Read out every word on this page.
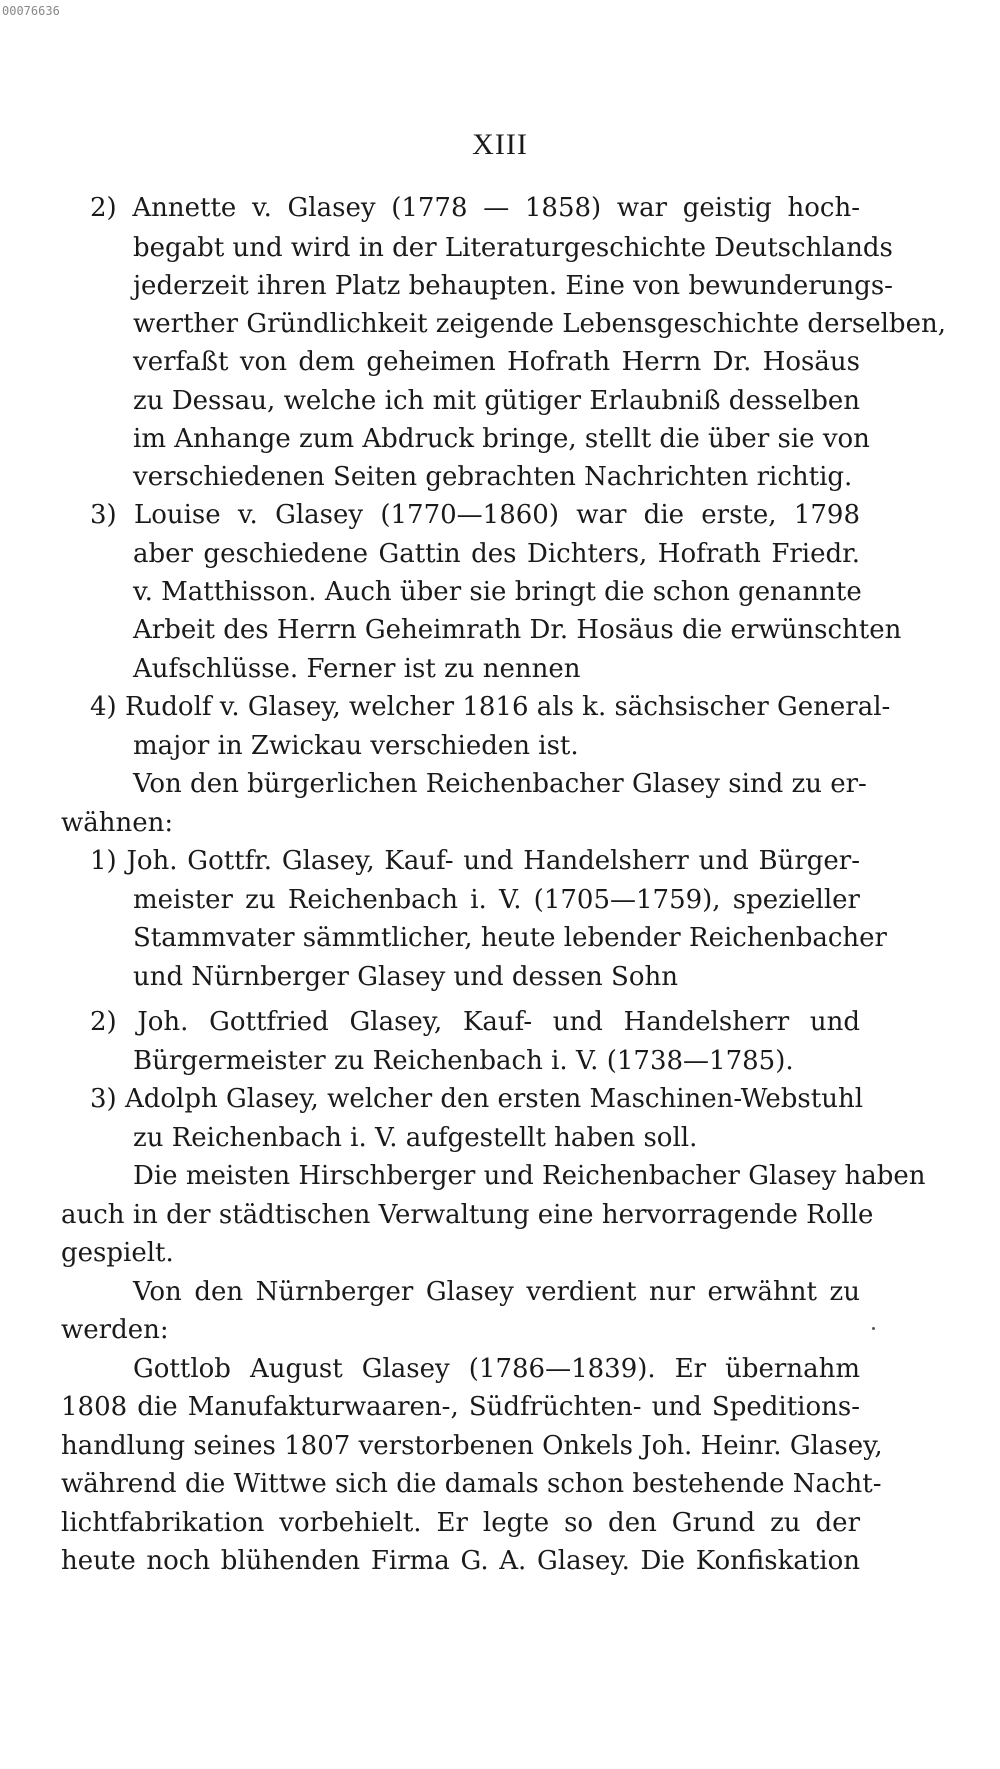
00076636
XIII
2) Annette v. Glasey (1778 — 1858) war geistig hoch-
begabt und wird in der Literaturgeschichte Deutschlands
jederzeit ihren Platz behaupten. Eine von bewunderungs-
werther Gründlichkeit zeigende Lebensgeschichte derselben,
verfaßt von dem geheimen Hofrath Herrn Dr. Hosäus
zu Dessau, welche ich mit gütiger Erlaubniß desselben
im Anhange zum Abdruck bringe, stellt die über sie von
verschiedenen Seiten gebrachten Nachrichten richtig.
3) Louise v. Glasey (1770—1860) war die erste, 1798
aber geschiedene Gattin des Dichters, Hofrath Friedr.
v. Matthisson. Auch über sie bringt die schon genannte
Arbeit des Herrn Geheimrath Dr. Hosäus die erwünschten
Aufschlüsse. Ferner ist zu nennen
4) Rudolf v. Glasey, welcher 1816 als k. sächsischer General-
major in Zwickau verschieden ist.
Von den bürgerlichen Reichenbacher Glasey sind zu er-
wähnen:
1) Joh. Gottfr. Glasey, Kauf- und Handelsherr und Bürger-
meister zu Reichenbach i. V. (1705—1759), spezieller
Stammvater sämmtlicher, heute lebender Reichenbacher
und Nürnberger Glasey und dessen Sohn
2) Joh. Gottfried Glasey, Kauf- und Handelsherr und
Bürgermeister zu Reichenbach i. V. (1738—1785).
3) Adolph Glasey, welcher den ersten Maschinen-Webstuhl
zu Reichenbach i. V. aufgestellt haben soll.
Die meisten Hirschberger und Reichenbacher Glasey haben
auch in der städtischen Verwaltung eine hervorragende Rolle
gespielt.
Von den Nürnberger Glasey verdient nur erwähnt zu
werden:
Gottlob August Glasey (1786—1839). Er übernahm
1808 die Manufakturwaaren-, Südfrüchten- und Speditions-
handlung seines 1807 verstorbenen Onkels Joh. Heinr. Glasey,
während die Wittwe sich die damals schon bestehende Nacht-
lichtfabrikation vorbehielt. Er legte so den Grund zu der
heute noch blühenden Firma G. A. Glasey. Die Konfiskation
